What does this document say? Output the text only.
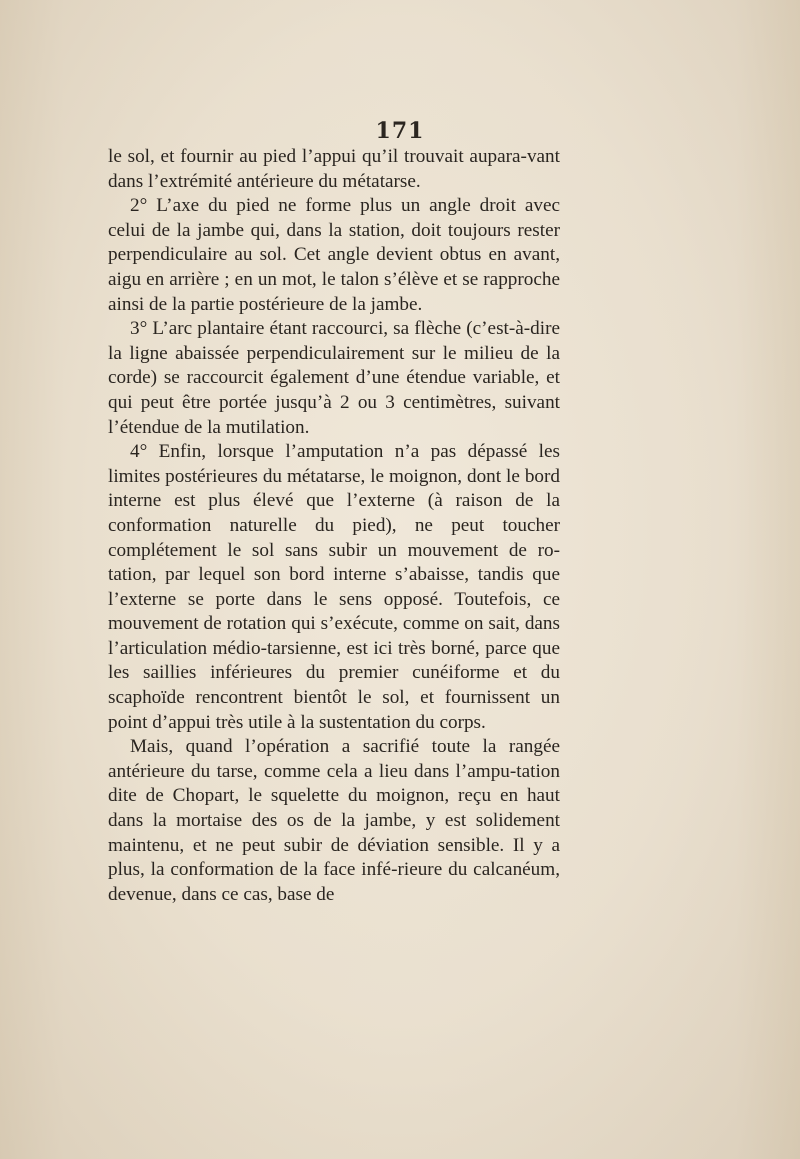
171

le sol, et fournir au pied l’appui qu’il trouvait aupara-vant dans l’extrémité antérieure du métatarse.

2° L’axe du pied ne forme plus un angle droit avec celui de la jambe qui, dans la station, doit toujours rester perpendiculaire au sol. Cet angle devient obtus en avant, aigu en arrière ; en un mot, le talon s’élève et se rapproche ainsi de la partie postérieure de la jambe.

3° L’arc plantaire étant raccourci, sa flèche (c’est-à-dire la ligne abaissée perpendiculairement sur le milieu de la corde) se raccourcit également d’une étendue variable, et qui peut être portée jusqu’à 2 ou 3 centimètres, suivant l’étendue de la mutilation.

4° Enfin, lorsque l’amputation n’a pas dépassé les limites postérieures du métatarse, le moignon, dont le bord interne est plus élevé que l’externe (à raison de la conformation naturelle du pied), ne peut toucher complétement le sol sans subir un mouvement de ro-tation, par lequel son bord interne s’abaisse, tandis que l’externe se porte dans le sens opposé. Toutefois, ce mouvement de rotation qui s’exécute, comme on sait, dans l’articulation médio-tarsienne, est ici très borné, parce que les saillies inférieures du premier cunéiforme et du scaphoïde rencontrent bientôt le sol, et fournissent un point d’appui très utile à la sustentation du corps.

Mais, quand l’opération a sacrifié toute la rangée antérieure du tarse, comme cela a lieu dans l’ampu-tation dite de Chopart, le squelette du moignon, reçu en haut dans la mortaise des os de la jambe, y est solidement maintenu, et ne peut subir de déviation sensible. Il y a plus, la conformation de la face infé-rieure du calcanéum, devenue, dans ce cas, base de
